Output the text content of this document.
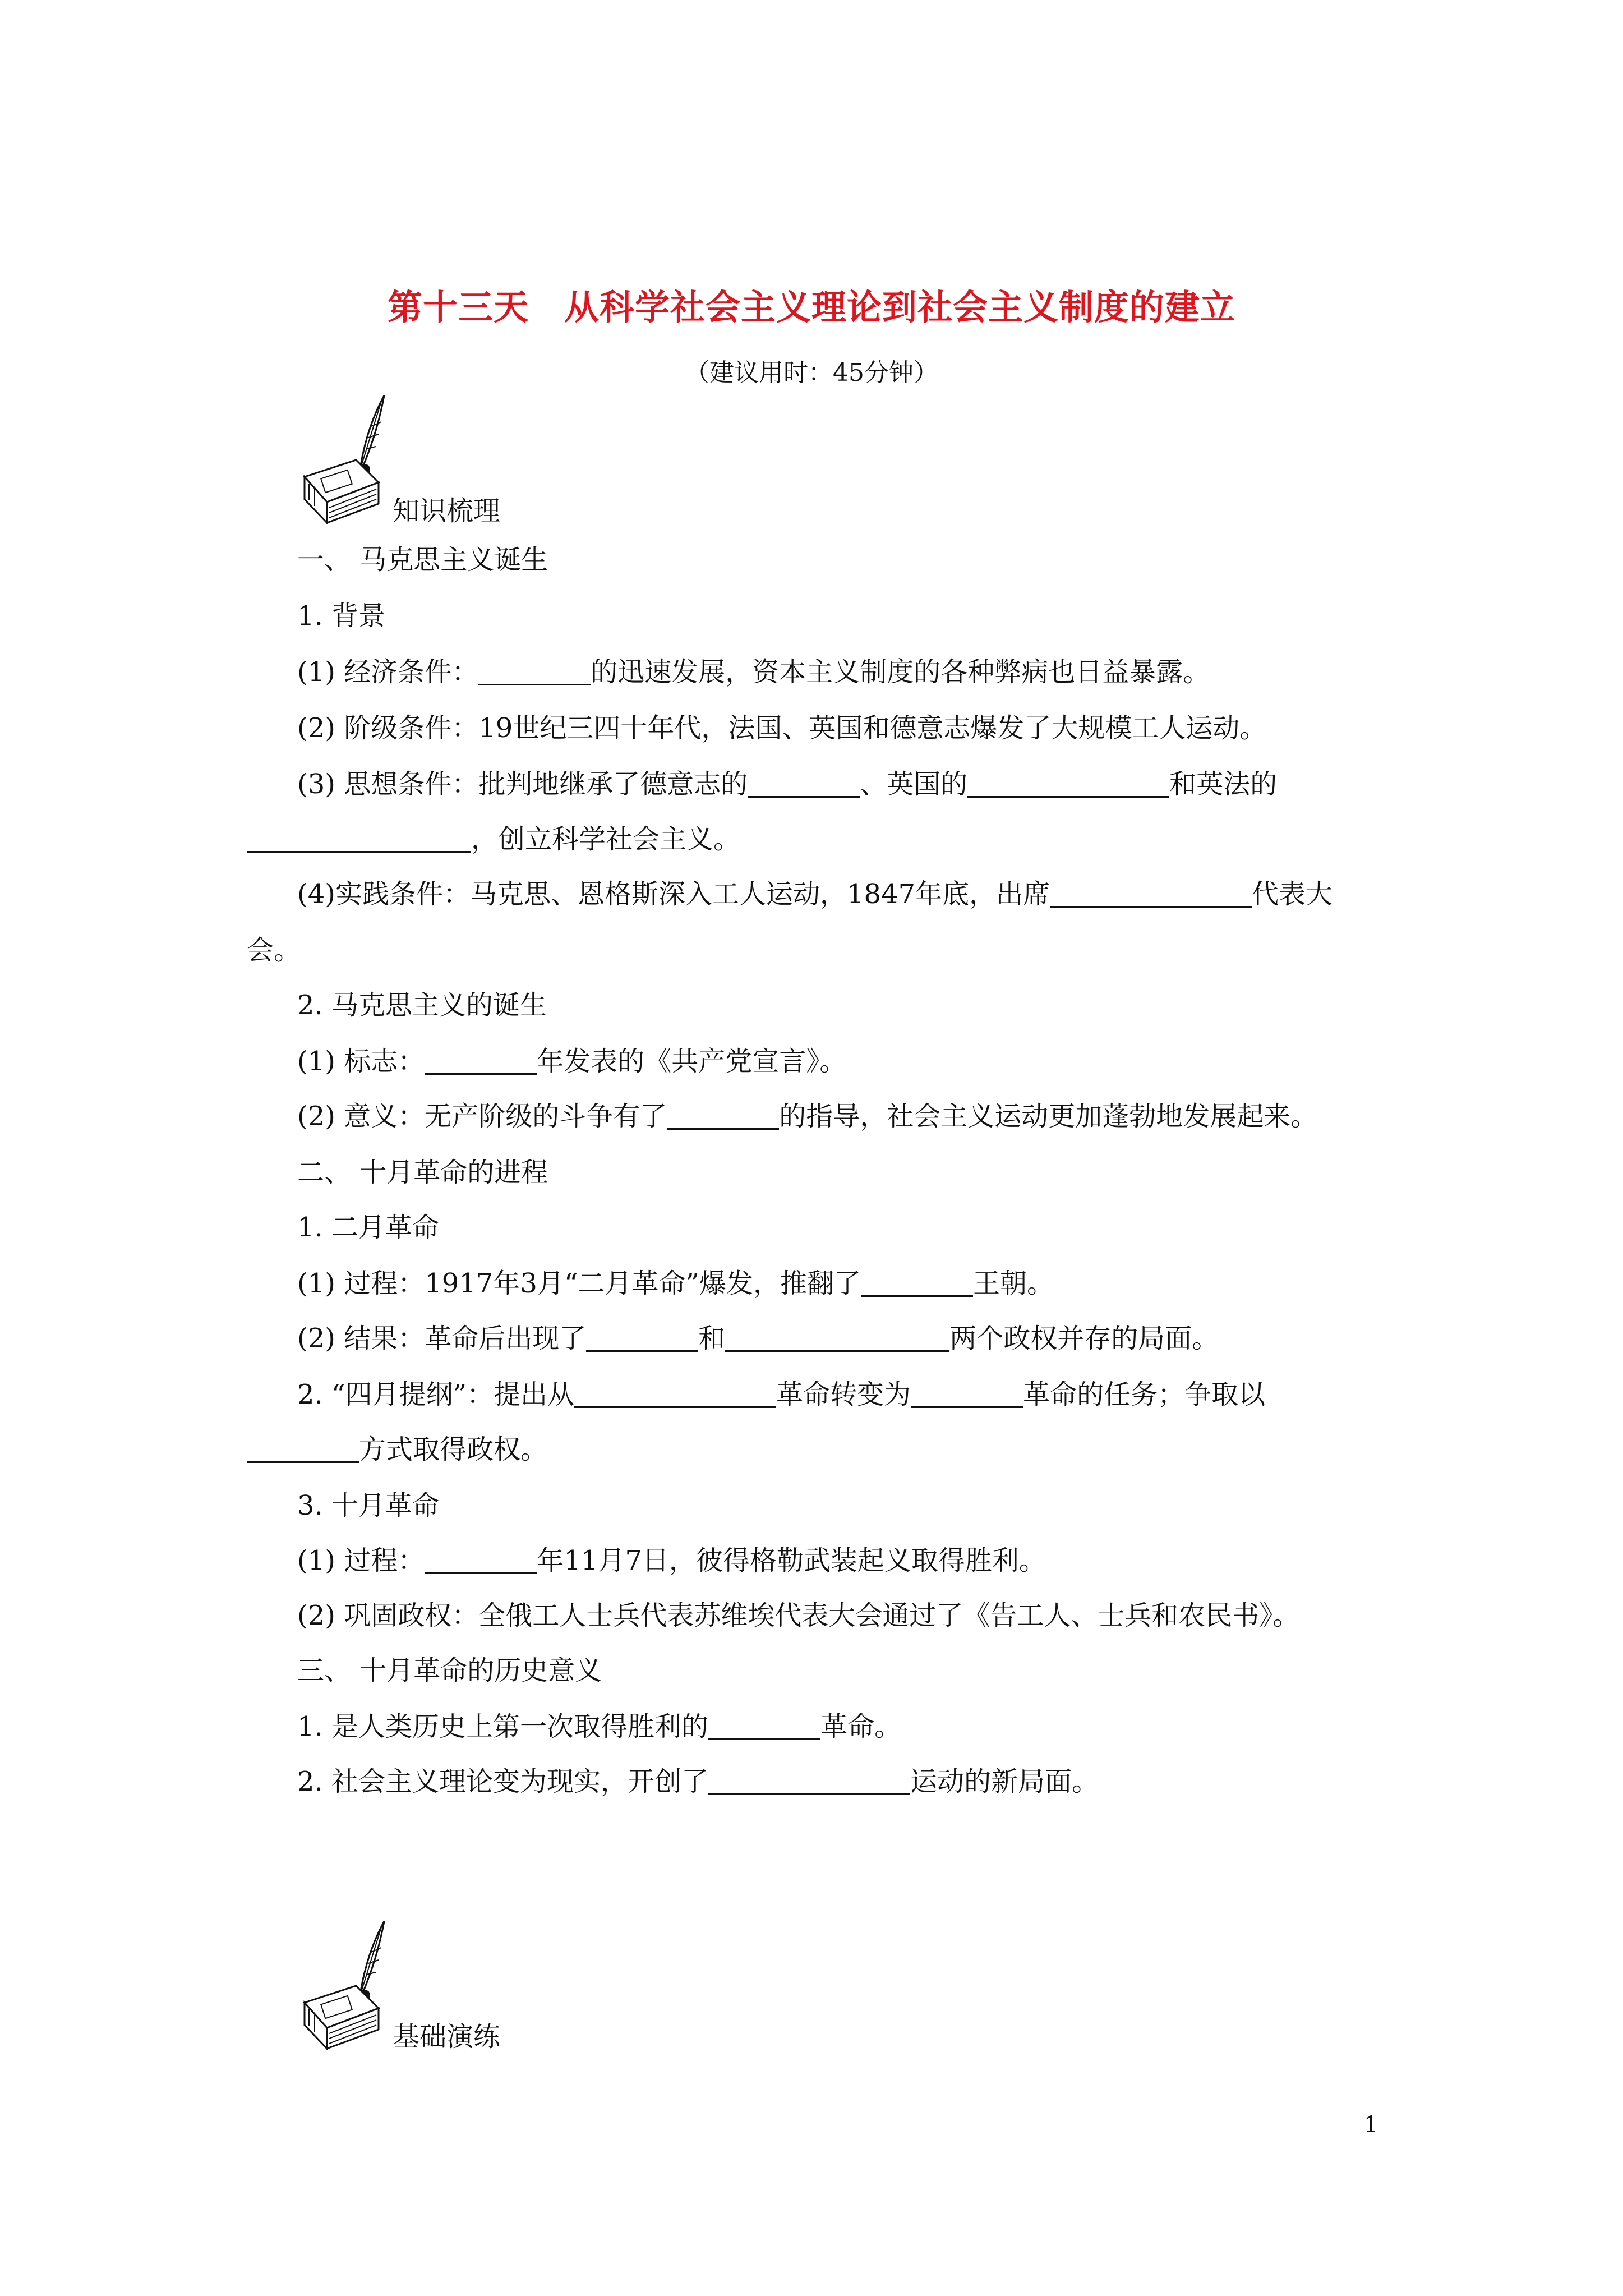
第十三天　从科学社会主义理论到社会主义制度的建立
（建议用时：45分钟）
知识梳理
一、 马克思主义诞生
1. 背景
(1) 经济条件：	的迅速发展，资本主义制度的各种弊病也日益暴露。
(2) 阶级条件：19世纪三四十年代，法国、英国和德意志爆发了大规模工人运动。
(3) 思想条件：批判地继承了德意志的	、英国的	和英法的
，创立科学社会主义。
(4)实践条件：马克思、恩格斯深入工人运动，1847年底，出席	代表大
会。
2. 马克思主义的诞生
(1) 标志：	年发表的《共产党宣言》。
(2) 意义：无产阶级的斗争有了	的指导，社会主义运动更加蓬勃地发展起来。
二、 十月革命的进程
1. 二月革命
(1) 过程：1917年3月“二月革命”爆发，推翻了	王朝。
(2) 结果：革命后出现了	和	两个政权并存的局面。
2. “四月提纲”：提出从	革命转变为	革命的任务；争取以
方式取得政权。
3. 十月革命
(1) 过程：	年11月7日，彼得格勒武装起义取得胜利。
(2) 巩固政权：全俄工人士兵代表苏维埃代表大会通过了《告工人、士兵和农民书》。
三、 十月革命的历史意义
1. 是人类历史上第一次取得胜利的	革命。
2. 社会主义理论变为现实，开创了	运动的新局面。
基础演练
1
